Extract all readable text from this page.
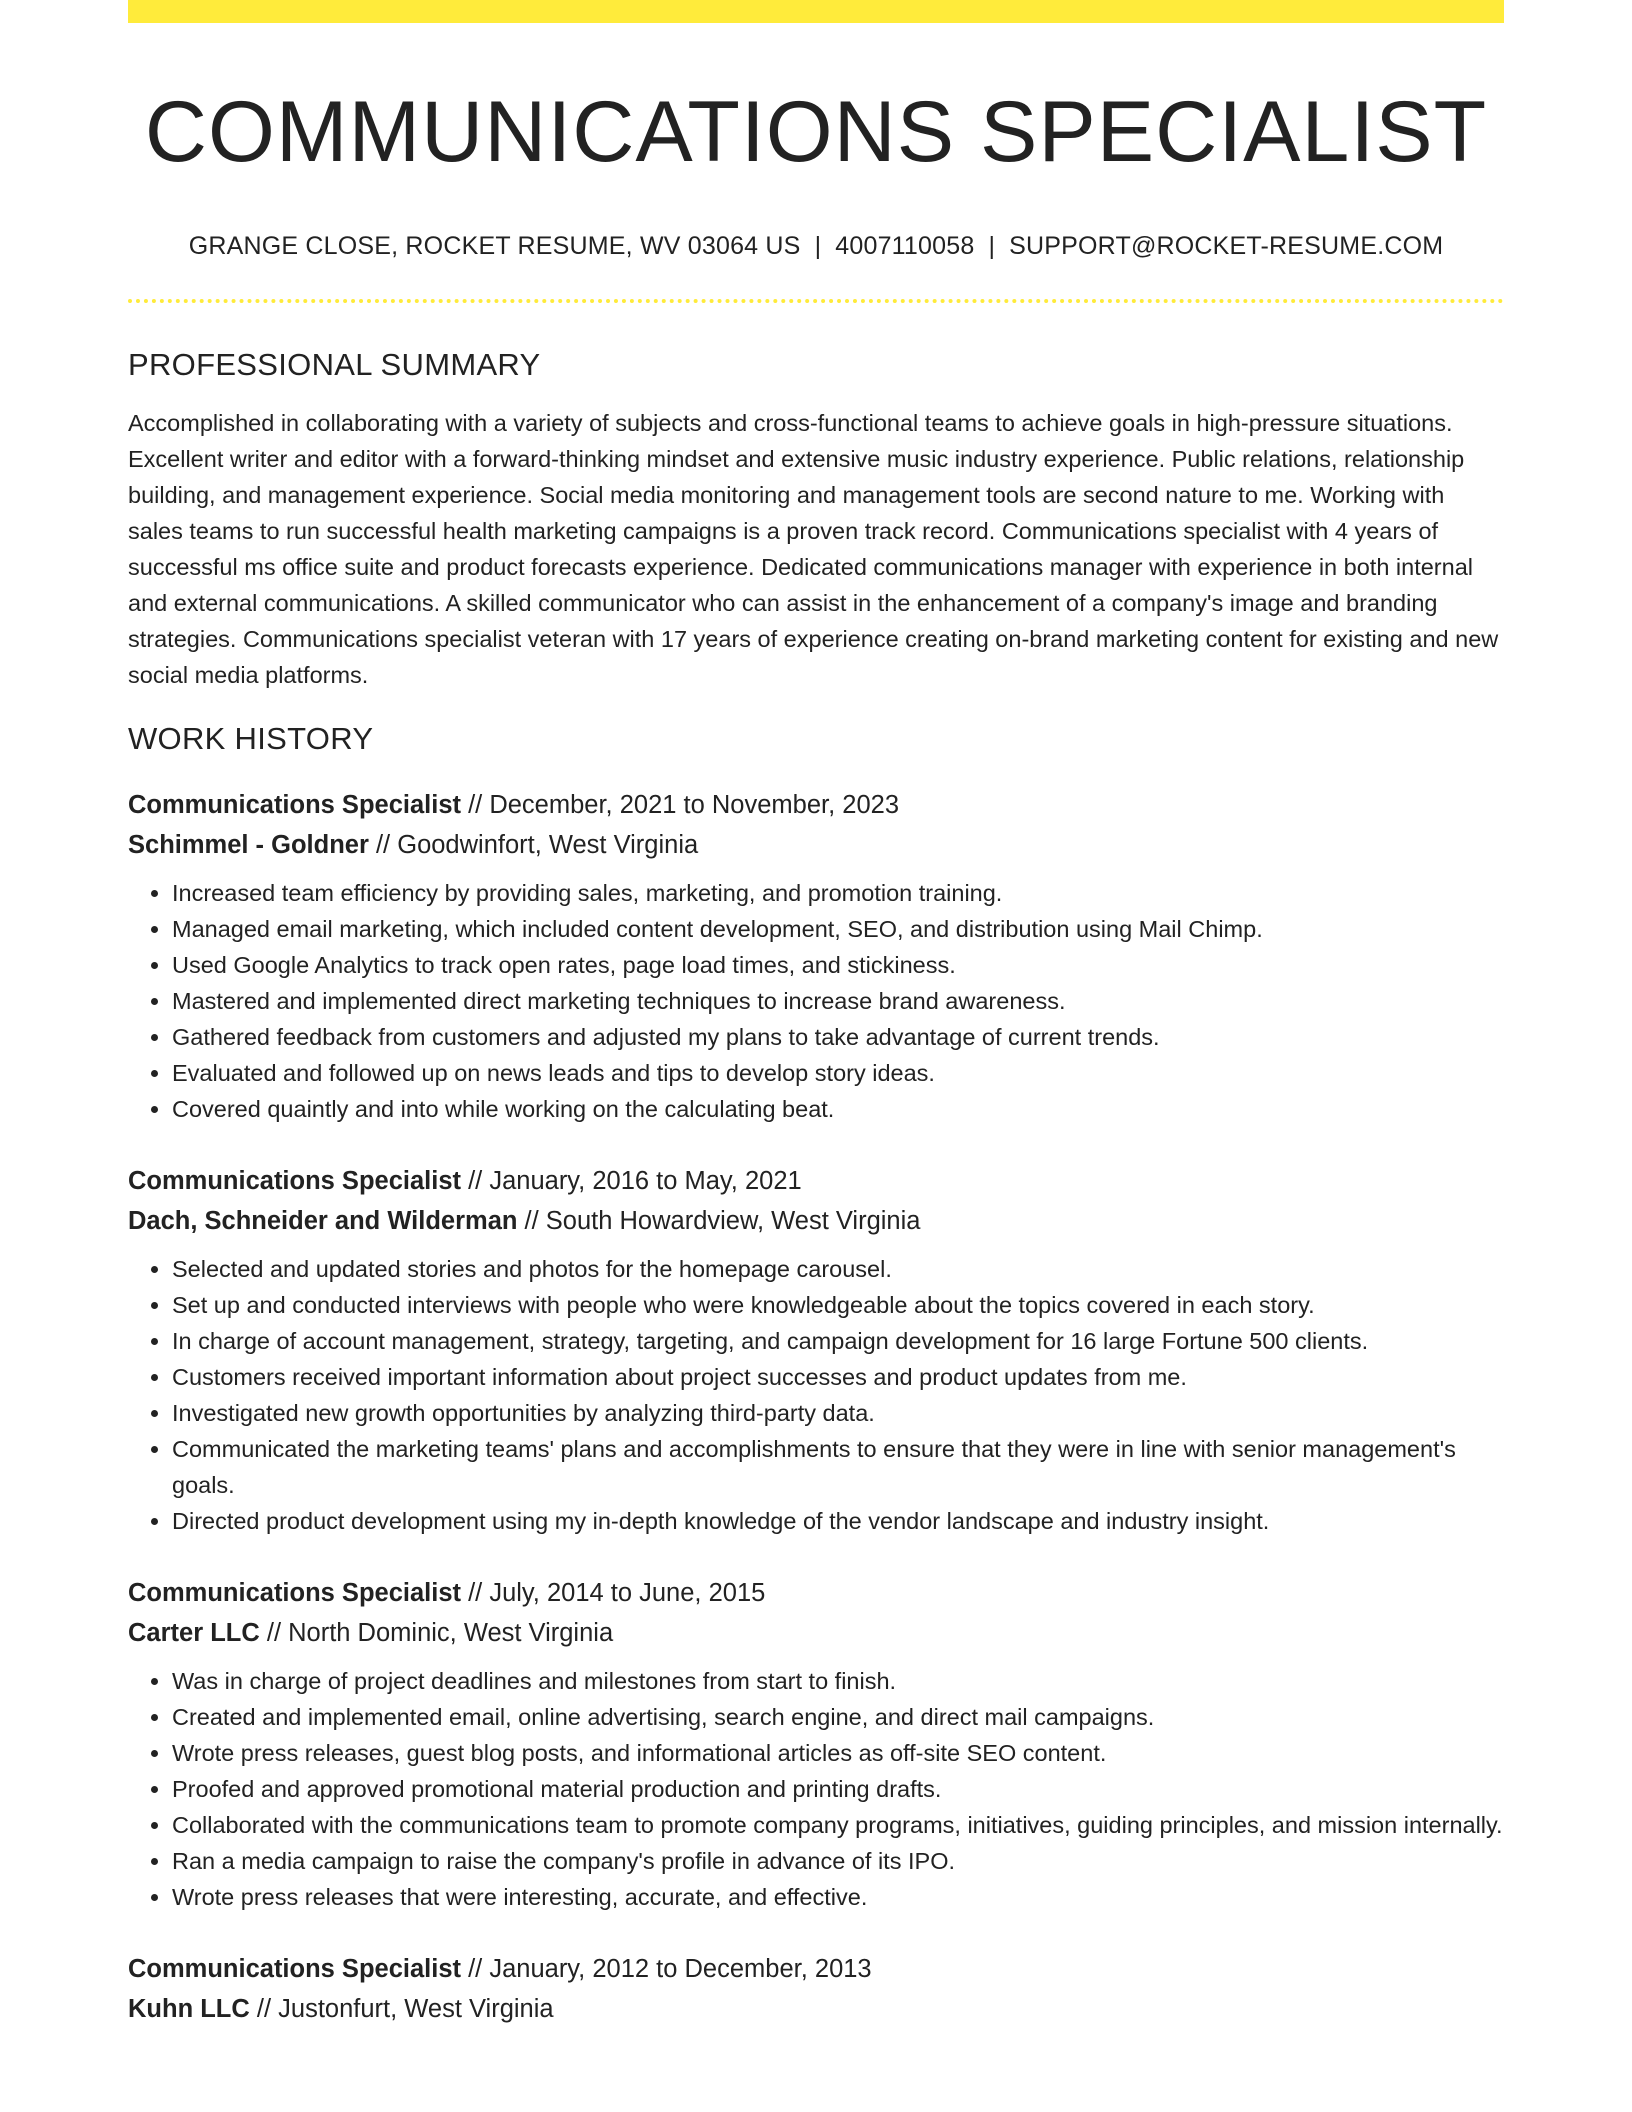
COMMUNICATIONS SPECIALIST
GRANGE CLOSE, ROCKET RESUME, WV 03064 US | 4007110058 | SUPPORT@ROCKET-RESUME.COM
PROFESSIONAL SUMMARY

Accomplished in collaborating with a variety of subjects and cross-functional teams to achieve goals in high-pressure situations. Excellent writer and editor with a forward-thinking mindset and extensive music industry experience. Public relations, relationship building, and management experience. Social media monitoring and management tools are second nature to me. Working with sales teams to run successful health marketing campaigns is a proven track record. Communications specialist with 4 years of successful ms office suite and product forecasts experience. Dedicated communications manager with experience in both internal and external communications. A skilled communicator who can assist in the enhancement of a company's image and branding strategies. Communications specialist veteran with 17 years of experience creating on-brand marketing content for existing and new social media platforms.

WORK HISTORY
Communications Specialist // December, 2021 to November, 2023
Schimmel - Goldner // Goodwinfort, West Virginia
• Increased team efficiency by providing sales, marketing, and promotion training.
• Managed email marketing, which included content development, SEO, and distribution using Mail Chimp.
• Used Google Analytics to track open rates, page load times, and stickiness.
• Mastered and implemented direct marketing techniques to increase brand awareness.
• Gathered feedback from customers and adjusted my plans to take advantage of current trends.
• Evaluated and followed up on news leads and tips to develop story ideas.
• Covered quaintly and into while working on the calculating beat.
Communications Specialist // January, 2016 to May, 2021
Dach, Schneider and Wilderman // South Howardview, West Virginia
• Selected and updated stories and photos for the homepage carousel.
• Set up and conducted interviews with people who were knowledgeable about the topics covered in each story.
• In charge of account management, strategy, targeting, and campaign development for 16 large Fortune 500 clients.
• Customers received important information about project successes and product updates from me.
• Investigated new growth opportunities by analyzing third-party data.
• Communicated the marketing teams' plans and accomplishments to ensure that they were in line with senior management's goals.
• Directed product development using my in-depth knowledge of the vendor landscape and industry insight.
Communications Specialist // July, 2014 to June, 2015
Carter LLC // North Dominic, West Virginia
• Was in charge of project deadlines and milestones from start to finish.
• Created and implemented email, online advertising, search engine, and direct mail campaigns.
• Wrote press releases, guest blog posts, and informational articles as off-site SEO content.
• Proofed and approved promotional material production and printing drafts.
• Collaborated with the communications team to promote company programs, initiatives, guiding principles, and mission internally.
• Ran a media campaign to raise the company's profile in advance of its IPO.
• Wrote press releases that were interesting, accurate, and effective.
Communications Specialist // January, 2012 to December, 2013
Kuhn LLC // Justonfurt, West Virginia
